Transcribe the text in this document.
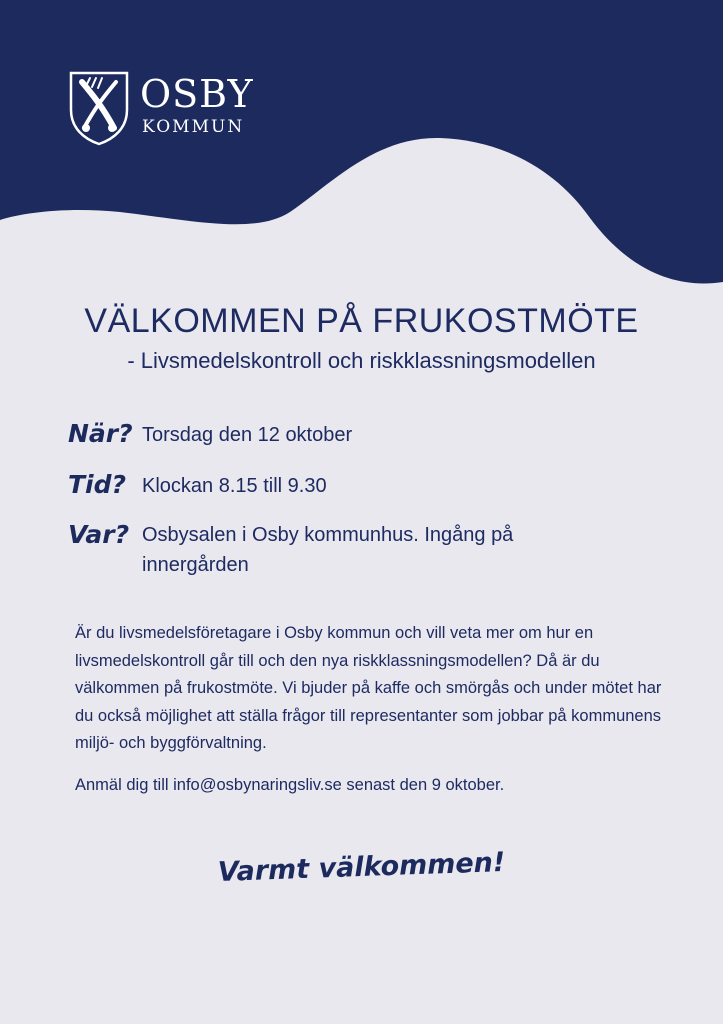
OSBY
KOMMUN
VÄLKOMMEN PÅ FRUKOSTMÖTE
- Livsmedelskontroll och riskklassningsmodellen
När? Torsdag den 12 oktober
Tid? Klockan 8.15 till 9.30
Var? Osbysalen i Osby kommunhus. Ingång på innergården
Är du livsmedelsföretagare i Osby kommun och vill veta mer om hur en livsmedelskontroll går till och den nya riskklassningsmodellen? Då är du välkommen på frukostmöte. Vi bjuder på kaffe och smörgås och under mötet har du också möjlighet att ställa frågor till representanter som jobbar på kommunens miljö- och byggförvaltning.
Anmäl dig till info@osbynaringsliv.se senast den 9 oktober.
Varmt välkommen!
